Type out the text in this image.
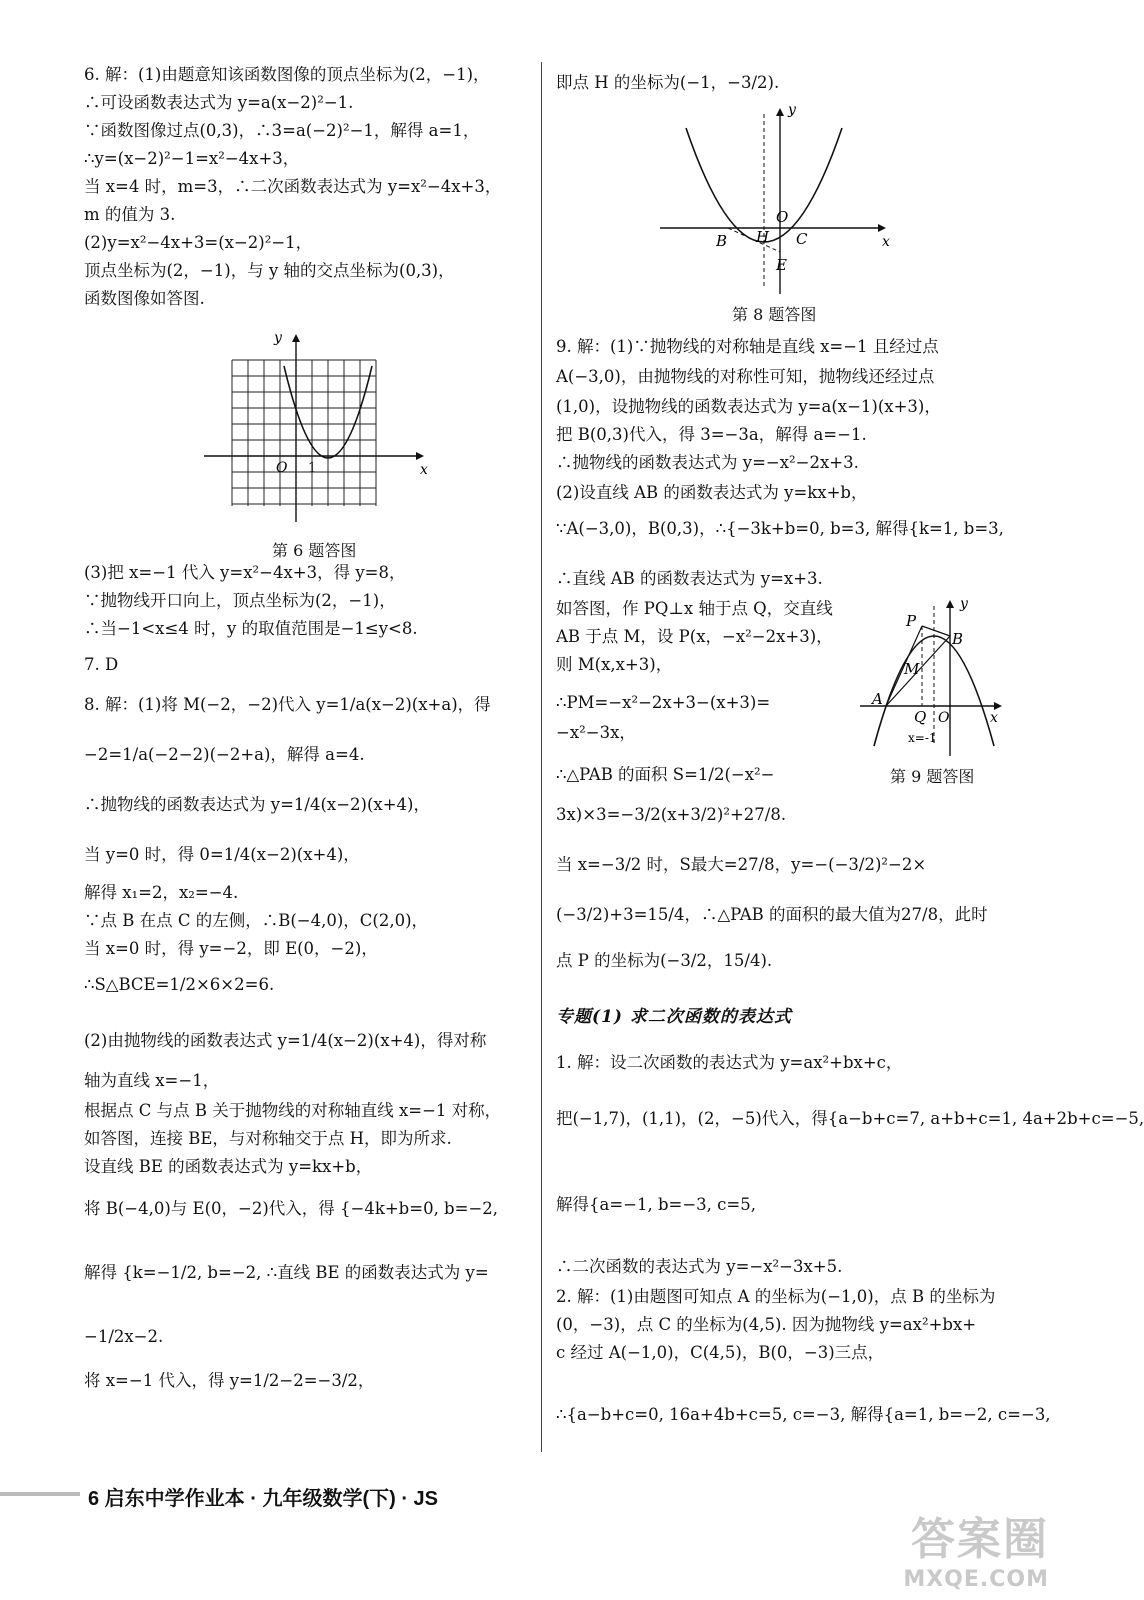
6. 解：(1)由题意知该函数图像的顶点坐标为(2，−1)，
∴可设函数表达式为 y=a(x−2)²−1.
∵函数图像过点(0,3)，∴3=a(−2)²−1，解得 a=1，
∴y=(x−2)²−1=x²−4x+3，
当 x=4 时，m=3，∴二次函数表达式为 y=x²−4x+3，
m 的值为 3.
(2)y=x²−4x+3=(x−2)²−1，
顶点坐标为(2，−1)，与 y 轴的交点坐标为(0,3)，
函数图像如答图.
(3)把 x=−1 代入 y=x²−4x+3，得 y=8，
∵抛物线开口向上，顶点坐标为(2，−1)，
∴当−1<x≤4 时，y 的取值范围是−1≤y<8.
7. D
8. 解：(1)将 M(−2，−2)代入 y=1/a(x−2)(x+a)，得
−2=1/a(−2−2)(−2+a)，解得 a=4.
∴抛物线的函数表达式为 y=1/4(x−2)(x+4)，
当 y=0 时，得 0=1/4(x−2)(x+4)，
解得 x₁=2，x₂=−4.
∵点 B 在点 C 的左侧，∴B(−4,0)，C(2,0)，
当 x=0 时，得 y=−2，即 E(0，−2)，
∴S△BCE=1/2×6×2=6.
(2)由抛物线的函数表达式 y=1/4(x−2)(x+4)，得对称
轴为直线 x=−1，
根据点 C 与点 B 关于抛物线的对称轴直线 x=−1 对称，
如答图，连接 BE，与对称轴交于点 H，即为所求.
设直线 BE 的函数表达式为 y=kx+b，
将 B(−4,0)与 E(0，−2)代入，得 {−4k+b=0, b=−2,
解得 {k=−1/2, b=−2, ∴直线 BE 的函数表达式为 y=
−1/2x−2.
将 x=−1 代入，得 y=1/2−2=−3/2，
即点 H 的坐标为(−1，−3/2).
9. 解：(1)∵抛物线的对称轴是直线 x=−1 且经过点
A(−3,0)，由抛物线的对称性可知，抛物线还经过点
(1,0)，设抛物线的函数表达式为 y=a(x−1)(x+3)，
把 B(0,3)代入，得 3=−3a，解得 a=−1.
∴抛物线的函数表达式为 y=−x²−2x+3.
(2)设直线 AB 的函数表达式为 y=kx+b，
∵A(−3,0)，B(0,3)，∴{−3k+b=0, b=3, 解得{k=1, b=3,
∴直线 AB 的函数表达式为 y=x+3.
如答图，作 PQ⊥x 轴于点 Q，交直线
AB 于点 M，设 P(x，−x²−2x+3)，
则 M(x,x+3)，
∴PM=−x²−2x+3−(x+3)=
−x²−3x，
∴△PAB 的面积 S=1/2(−x²−
3x)×3=−3/2(x+3/2)²+27/8.
当 x=−3/2 时，S最大=27/8，y=−(−3/2)²−2×
(−3/2)+3=15/4，∴△PAB 的面积的最大值为27/8，此时
点 P 的坐标为(−3/2，15/4).
1. 解：设二次函数的表达式为 y=ax²+bx+c，
把(−1,7)，(1,1)，(2，−5)代入，得{a−b+c=7, a+b+c=1, 4a+2b+c=−5,
解得{a=−1, b=−3, c=5,
∴二次函数的表达式为 y=−x²−3x+5.
2. 解：(1)由题图可知点 A 的坐标为(−1,0)，点 B 的坐标为
(0，−3)，点 C 的坐标为(4,5). 因为抛物线 y=ax²+bx+
c 经过 A(−1,0)，C(4,5)，B(0，−3)三点，
∴{a−b+c=0, 16a+4b+c=5, c=−3, 解得{a=1, b=−2, c=−3,
y
x
O 1
第 6 题答图
y
x
O
B H C
E
第 8 题答图
y
x
P
B
M
A
Q O
x=-1
第 9 题答图
专题(1) 求二次函数的表达式
6 启东中学作业本 · 九年级数学(下) · JS
答案圈
MXQE.COM
